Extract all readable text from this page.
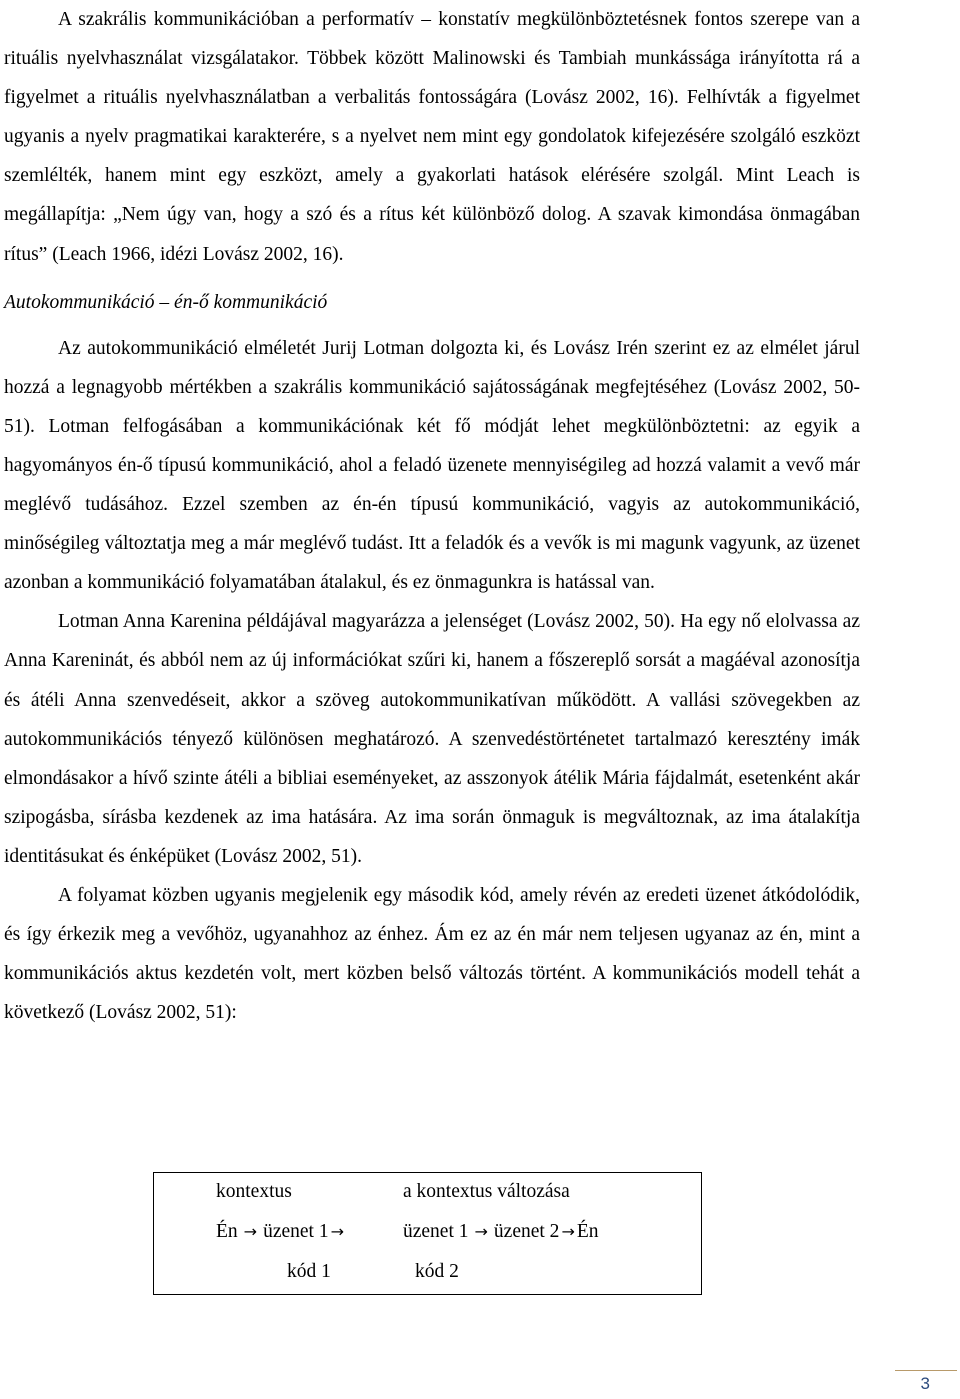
A szakrális kommunikációban a performatív – konstatív megkülönböztetésnek fontos szerepe van a rituális nyelvhasználat vizsgálatakor. Többek között Malinowski és Tambiah munkássága irányította rá a figyelmet a rituális nyelvhasználatban a verbalitás fontosságára (Lovász 2002, 16). Felhívták a figyelmet ugyanis a nyelv pragmatikai karakterére, s a nyelvet nem mint egy gondolatok kifejezésére szolgáló eszközt szemlélték, hanem mint egy eszközt, amely a gyakorlati hatások elérésére szolgál. Mint Leach is megállapítja: „Nem úgy van, hogy a szó és a rítus két különböző dolog. A szavak kimondása önmagában rítus” (Leach 1966, idézi Lovász 2002, 16).

Autokommunikáció – én-ő kommunikáció

Az autokommunikáció elméletét Jurij Lotman dolgozta ki, és Lovász Irén szerint ez az elmélet járul hozzá a legnagyobb mértékben a szakrális kommunikáció sajátosságának megfejtéséhez (Lovász 2002, 50-51). Lotman felfogásában a kommunikációnak két fő módját lehet megkülönböztetni: az egyik a hagyományos én-ő típusú kommunikáció, ahol a feladó üzenete mennyiségileg ad hozzá valamit a vevő már meglévő tudásához. Ezzel szemben az én-én típusú kommunikáció, vagyis az autokommunikáció, minőségileg változtatja meg a már meglévő tudást. Itt a feladók és a vevők is mi magunk vagyunk, az üzenet azonban a kommunikáció folyamatában átalakul, és ez önmagunkra is hatással van.

Lotman Anna Karenina példájával magyarázza a jelenséget (Lovász 2002, 50). Ha egy nő elolvassa az Anna Kareninát, és abból nem az új információkat szűri ki, hanem a főszereplő sorsát a magáéval azonosítja és átéli Anna szenvedéseit, akkor a szöveg autokommunikatívan működött. A vallási szövegekben az autokommunikációs tényező különösen meghatározó. A szenvedéstörténetet tartalmazó keresztény imák elmondásakor a hívő szinte átéli a bibliai eseményeket, az asszonyok átélik Mária fájdalmát, esetenként akár szipogásba, sírásba kezdenek az ima hatására. Az ima során önmaguk is megváltoznak, az ima átalakítja identitásukat és énképüket (Lovász 2002, 51).

A folyamat közben ugyanis megjelenik egy második kód, amely révén az eredeti üzenet átkódolódik, és így érkezik meg a vevőhöz, ugyanahhoz az énhez. Ám ez az én már nem teljesen ugyanaz az én, mint a kommunikációs aktus kezdetén volt, mert közben belső változás történt. A kommunikációs modell tehát a következő (Lovász 2002, 51):

kontextus	a kontextus változása
Én → üzenet 1 →	üzenet 1 → üzenet 2 → Én
kód 1	kód 2
3
